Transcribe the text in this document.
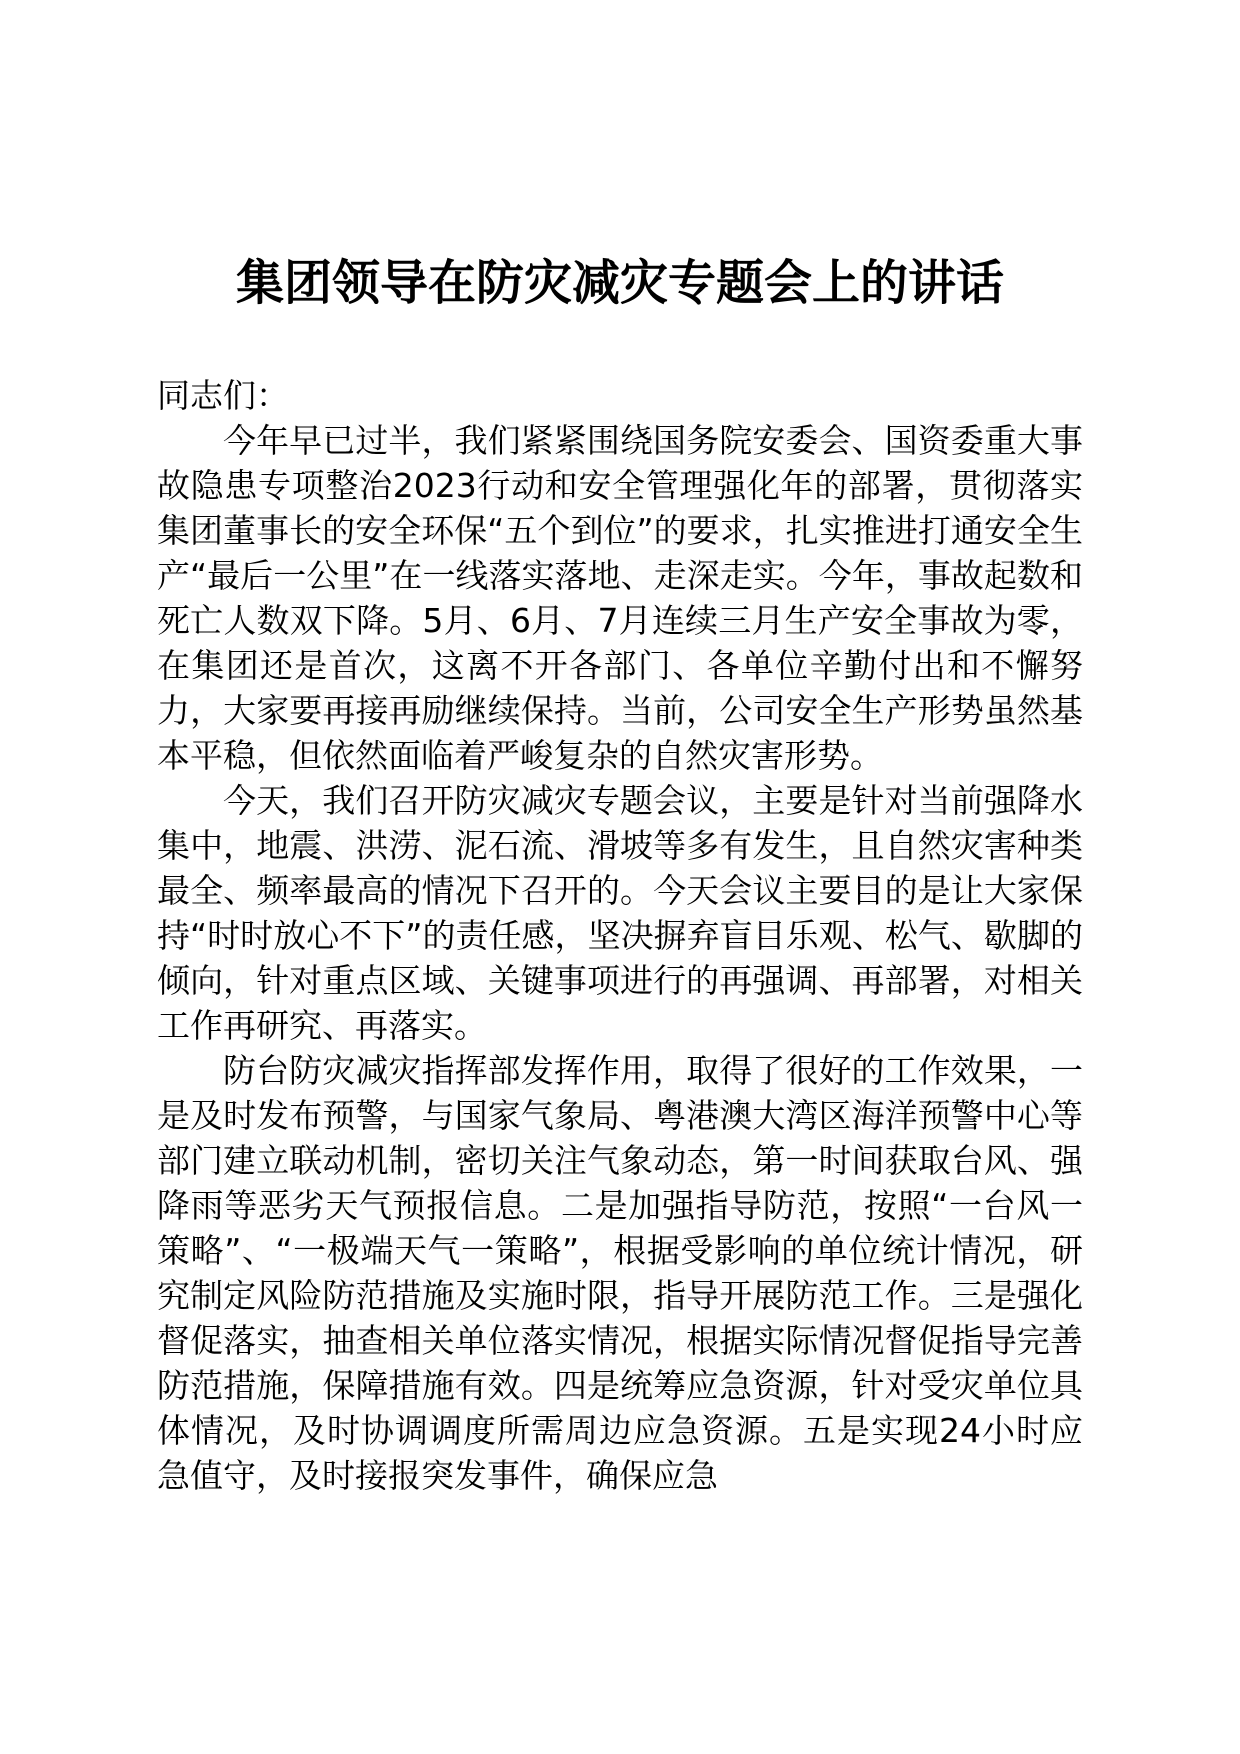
集团领导在防灾减灾专题会上的讲话

同志们：

今年早已过半，我们紧紧围绕国务院安委会、国资委重大事故隐患专项整治2023行动和安全管理强化年的部署，贯彻落实集团董事长的安全环保“五个到位”的要求，扎实推进打通安全生产“最后一公里”在一线落实落地、走深走实。今年，事故起数和死亡人数双下降。5月、6月、7月连续三月生产安全事故为零，在集团还是首次，这离不开各部门、各单位辛勤付出和不懈努力，大家要再接再励继续保持。当前，公司安全生产形势虽然基本平稳，但依然面临着严峻复杂的自然灾害形势。

今天，我们召开防灾减灾专题会议，主要是针对当前强降水集中，地震、洪涝、泥石流、滑坡等多有发生，且自然灾害种类最全、频率最高的情况下召开的。今天会议主要目的是让大家保持“时时放心不下”的责任感，坚决摒弃盲目乐观、松气、歇脚的倾向，针对重点区域、关键事项进行的再强调、再部署，对相关工作再研究、再落实。

防台防灾减灾指挥部发挥作用，取得了很好的工作效果，一是及时发布预警，与国家气象局、粤港澳大湾区海洋预警中心等部门建立联动机制，密切关注气象动态，第一时间获取台风、强降雨等恶劣天气预报信息。二是加强指导防范，按照“一台风一策略”、“一极端天气一策略”，根据受影响的单位统计情况，研究制定风险防范措施及实施时限，指导开展防范工作。三是强化督促落实，抽查相关单位落实情况，根据实际情况督促指导完善防范措施，保障措施有效。四是统筹应急资源，针对受灾单位具体情况，及时协调调度所需周边应急资源。五是实现24小时应急值守，及时接报突发事件，确保应急
